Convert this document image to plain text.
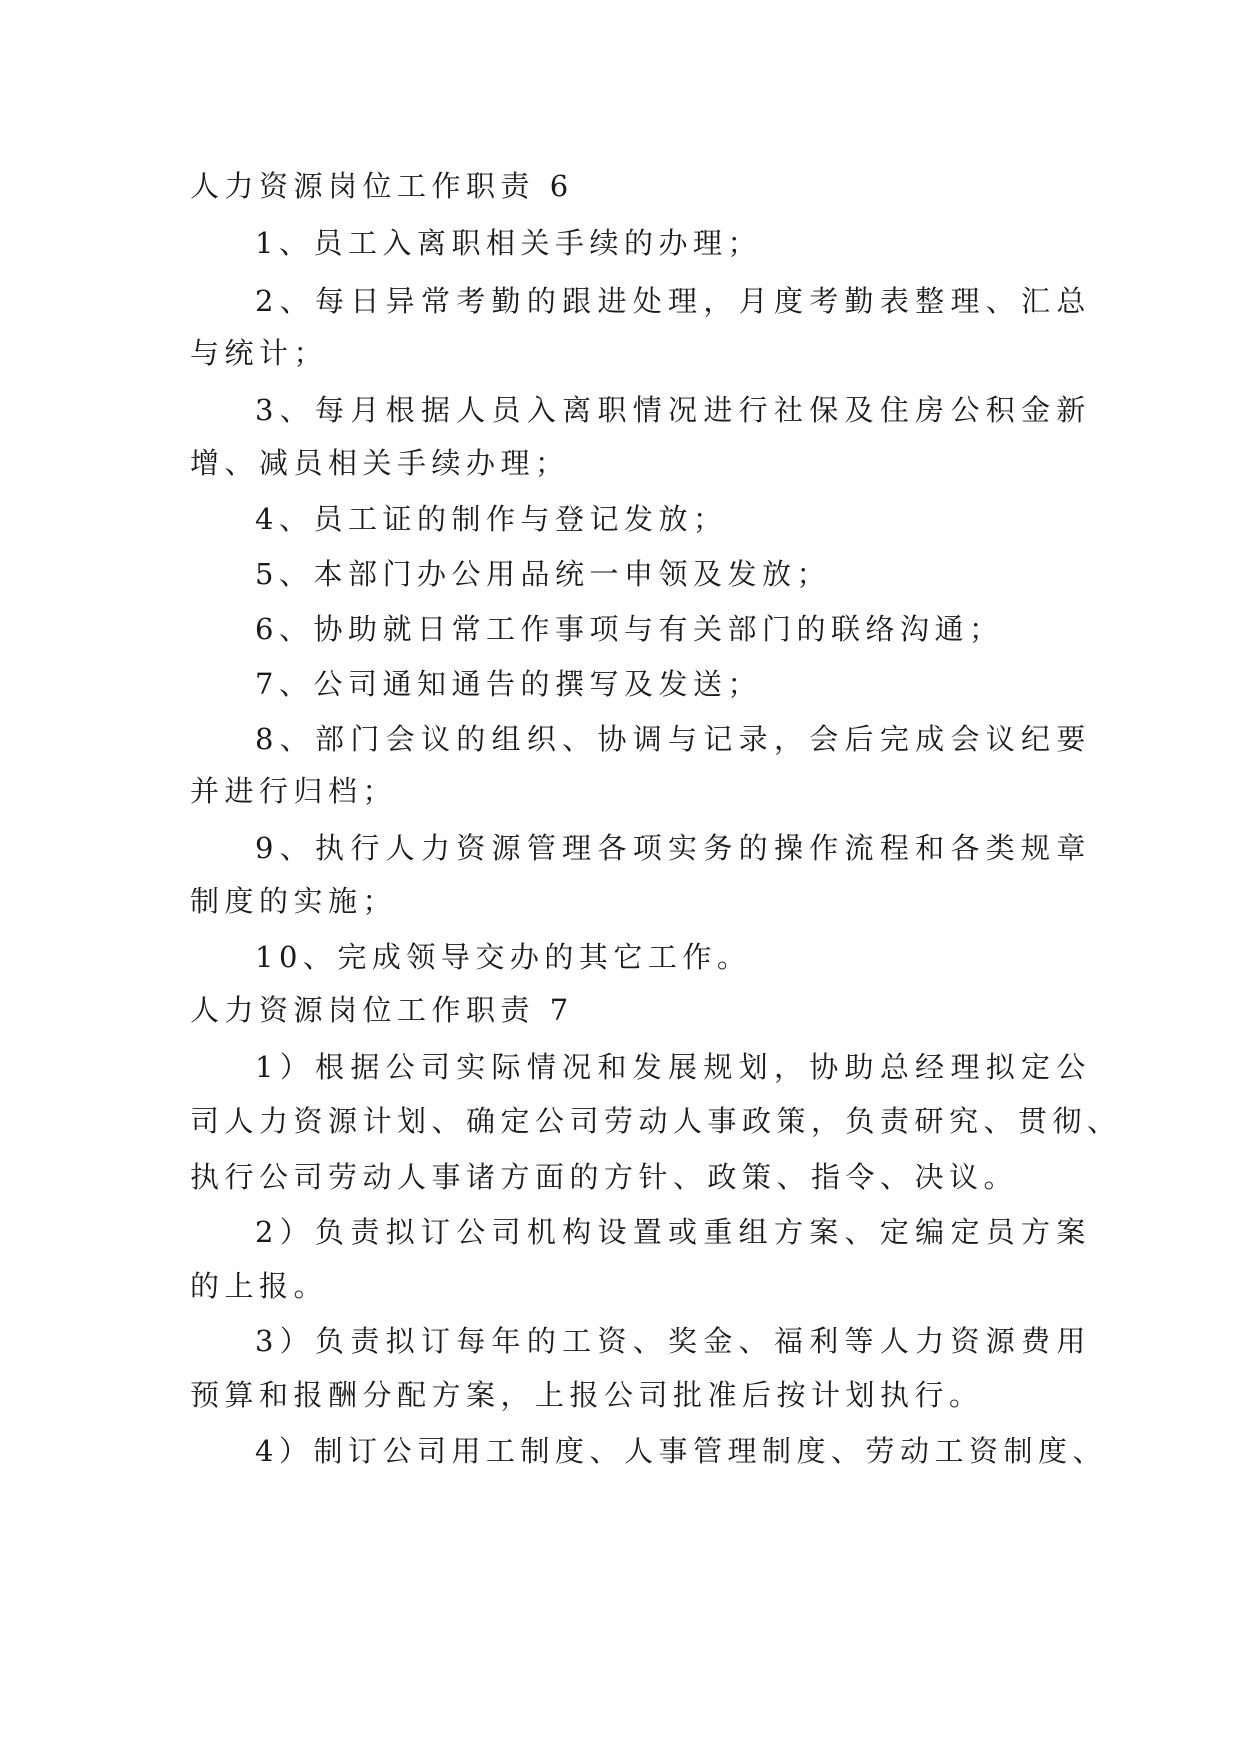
人力资源岗位工作职责 6
1、员工入离职相关手续的办理；
2、每日异常考勤的跟进处理，月度考勤表整理、汇总
与统计；
3、每月根据人员入离职情况进行社保及住房公积金新
增、减员相关手续办理；
4、员工证的制作与登记发放；
5、本部门办公用品统一申领及发放；
6、协助就日常工作事项与有关部门的联络沟通；
7、公司通知通告的撰写及发送；
8、部门会议的组织、协调与记录，会后完成会议纪要
并进行归档；
9、执行人力资源管理各项实务的操作流程和各类规章
制度的实施；
10、完成领导交办的其它工作。
人力资源岗位工作职责 7
1）根据公司实际情况和发展规划，协助总经理拟定公
司人力资源计划、确定公司劳动人事政策，负责研究、贯彻、
执行公司劳动人事诸方面的方针、政策、指令、决议。
2）负责拟订公司机构设置或重组方案、定编定员方案
的上报。
3）负责拟订每年的工资、奖金、福利等人力资源费用
预算和报酬分配方案，上报公司批准后按计划执行。
4）制订公司用工制度、人事管理制度、劳动工资制度、
